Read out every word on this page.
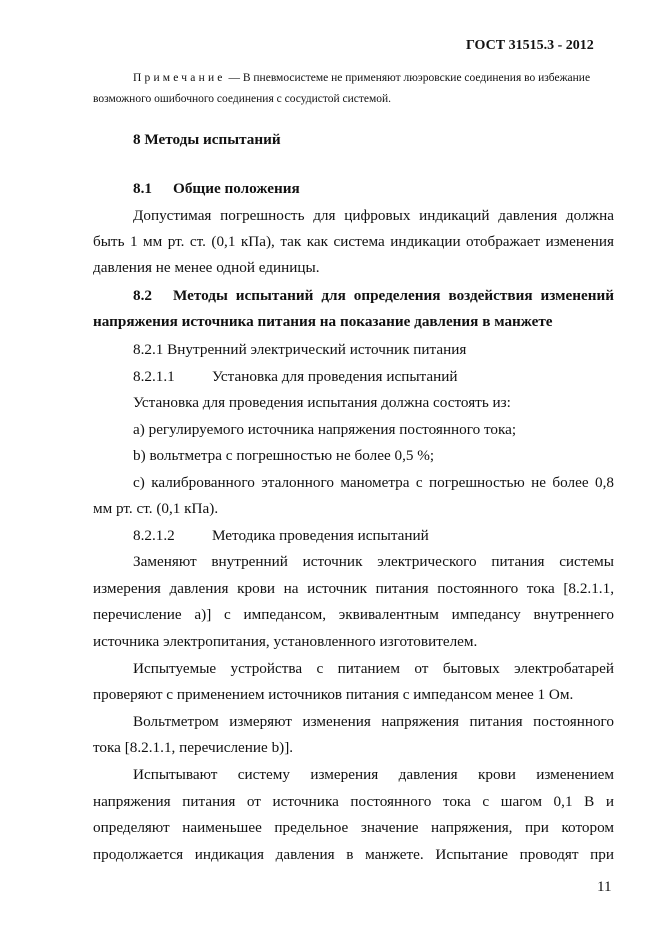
ГОСТ 31515.3 - 2012
Примечание — В пневмосистеме не применяют люэровские соединения во избежание
возможного ошибочного соединения с сосудистой системой.
8 Методы испытаний
8.1 Общие положения
Допустимая погрешность для цифровых индикаций давления должна
быть 1 мм рт. ст. (0,1 кПа), так как система индикации отображает изменения
давления не менее одной единицы.
8.2 Методы испытаний для определения воздействия изменений
напряжения источника питания на показание давления в манжете
8.2.1 Внутренний электрический источник питания
8.2.1.1 Установка для проведения испытаний
Установка для проведения испытания должна состоять из:
а) регулируемого источника напряжения постоянного тока;
b) вольтметра с погрешностью не более 0,5 %;
с) калиброванного эталонного манометра с погрешностью не более 0,8
мм рт. ст. (0,1 кПа).
8.2.1.2 Методика проведения испытаний
Заменяют внутренний источник электрического питания системы
измерения давления крови на источник питания постоянного тока [8.2.1.1,
перечисление а)] с импедансом, эквивалентным импедансу внутреннего
источника электропитания, установленного изготовителем.
Испытуемые устройства с питанием от бытовых электробатарей
проверяют с применением источников питания с импедансом менее 1 Ом.
Вольтметром измеряют изменения напряжения питания постоянного
тока [8.2.1.1, перечисление b)].
Испытывают системy измерения давления крови изменением
напряжения питания от источника постоянного тока с шагом 0,1 В и
определяют наименьшее предельное значение напряжения, при котором
продолжается индикация давления в манжете. Испытание проводят при
11
